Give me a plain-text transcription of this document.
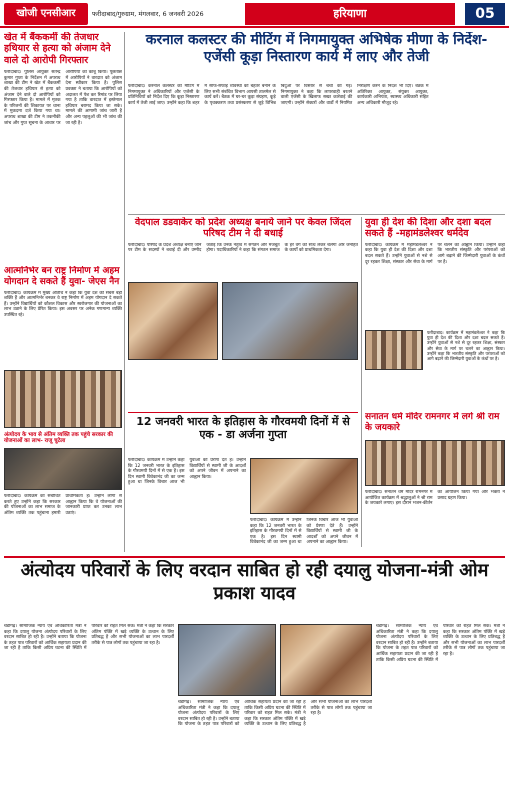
खोजी एनसीआर	फरीदाबाद/गुरुग्राम, मंगलवार, 6 जनवरी 2026	हरियाणा	05
खेत में बैंककर्मी की तेजधार हथियार से हत्या को अंजाम देने वाले दो आरोपी गिरफ्तार
फरीदाबाद। पुलिस आयुक्त सतेन्द्र कुमार गुप्ता के निर्देशन में अपराध शाखा की टीम ने खेत में बैंककर्मी की तेजधार हथियार से हत्या को अंजाम देने वाले दो आरोपियों को गिरफ्तार किया है। मामले में मृतक के परिजनों की शिकायत पर थाना में मुकदमा दर्ज किया गया था। अपराध शाखा की टीम ने तकनीकी जांच और गुप्त सूचना के आधार पर आरोपियों को काबू किया। पूछताछ में आरोपियों ने वारदात को अंजाम देना स्वीकार किया है। पुलिस प्रवक्ता ने बताया कि आरोपियों को अदालत में पेश कर रिमांड पर लिया गया है ताकि वारदात में इस्तेमाल हथियार बरामद किया जा सके। मामले की आगामी जांच जारी है और अन्य पहलुओं की भी जांच की जा रही है।
आत्मनिर्भर बन राष्ट्र निर्माण में अहम योगदान दे सकते हैं युवा- जेएस नैन
फरीदाबाद। कार्यक्रम में मुख्य अतिथि ने कहा कि युवा देश की सबसे बड़ी शक्ति हैं और आत्मनिर्भर बनकर वे राष्ट्र निर्माण में अहम योगदान दे सकते हैं। उन्होंने विद्यार्थियों को कौशल विकास और स्वरोजगार की योजनाओं का लाभ उठाने के लिए प्रेरित किया। इस अवसर पर अनेक गणमान्य व्यक्ति उपस्थित रहे।
अंत्योदय के भाव से अंतिम व्यक्ति तक पहुंचे सरकार की योजनाओं का लाभ- राजू चुटेला
फरीदाबाद। कार्यक्रम को संबोधित करते हुए उन्होंने कहा कि सरकार की योजनाओं का लाभ समाज के अंतिम व्यक्ति तक पहुंचाना हमारी प्राथमिकता है। उन्होंने लोगों से आह्वान किया कि वे योजनाओं की जानकारी प्राप्त कर उनका लाभ उठाएं।
करनाल कलस्टर की मीटिंग में निगमायुक्त अभिषेक मीणा के निर्देश- एजेंसी कूड़ा निस्तारण कार्य में लाए और तेजी
फरीदाबाद। करनाल कलस्टर की मीटिंग में निगमायुक्त ने अधिकारियों और एजेंसी के प्रतिनिधियों को निर्देश दिए कि कूड़ा निस्तारण कार्य में तेजी लाई जाए। उन्होंने कहा कि शहर में साफ-सफाई व्यवस्था को बेहतर बनाने के लिए सभी संबंधित विभाग आपसी तालमेल से कार्य करें। बैठक में घर-घर कूड़ा संग्रहण, कूड़े के पृथक्करण तथा प्रसंस्करण से जुड़े विभिन्न बिंदुओं पर विस्तार से चर्चा की गई। निगमायुक्त ने कहा कि लापरवाही बरतने वाली एजेंसी के खिलाफ सख्त कार्रवाई की जाएगी। उन्होंने सेक्टरों और वार्डों में नियमित निरीक्षण करने के निर्देश भी दिए। बैठक में अतिरिक्त आयुक्त, संयुक्त आयुक्त, कार्यकारी अभियंता, स्वास्थ्य अधिकारी सहित अन्य अधिकारी मौजूद रहे।
वेदपाल डडवाकेर को प्रदेश अध्यक्ष बनाये जाने पर केवल जिंदल परिषद टीम ने दी बधाई
फरीदाबाद। परिषद के प्रदेश अध्यक्ष बनाए जाने पर टीम के सदस्यों ने बधाई दी और उम्मीद जताई कि उनके नेतृत्व में संगठन और मजबूत होगा। पदाधिकारियों ने कहा कि संगठन समाज के हर वर्ग को साथ लेकर चलेगा और जनहित के कार्यों को प्राथमिकता देगा।
युवा ही देश की दिशा और दशा बदल सकते हैं -महामंडलेश्वर धर्मदेव
फरीदाबाद। कार्यक्रम में महामंडलेश्वर ने कहा कि युवा ही देश की दिशा और दशा बदल सकते हैं। उन्होंने युवाओं से नशे से दूर रहकर शिक्षा, संस्कार और सेवा के मार्ग पर चलने का आह्वान किया। उन्होंने कहा कि भारतीय संस्कृति और परंपराओं को आगे बढ़ाने की जिम्मेदारी युवाओं के कंधों पर है।
फरीदाबाद। कार्यक्रम में महामंडलेश्वर ने कहा कि युवा ही देश की दिशा और दशा बदल सकते हैं। उन्होंने युवाओं से नशे से दूर रहकर शिक्षा, संस्कार और सेवा के मार्ग पर चलने का आह्वान किया। उन्होंने कहा कि भारतीय संस्कृति और परंपराओं को आगे बढ़ाने की जिम्मेदारी युवाओं के कंधों पर है।
12 जनवरी भारत के इतिहास के गौरवमयी दिनों में से एक - डा अर्जना गुप्ता
फरीदाबाद। कार्यक्रम में उन्होंने कहा कि 12 जनवरी भारत के इतिहास के गौरवमयी दिनों में से एक है। इस दिन स्वामी विवेकानंद जी का जन्म हुआ था जिनके विचार आज भी युवाओं को प्रेरणा देते हैं। उन्होंने विद्यार्थियों से स्वामी जी के आदर्शों को अपने जीवन में अपनाने का आह्वान किया।
फरीदाबाद। कार्यक्रम में उन्होंने कहा कि 12 जनवरी भारत के इतिहास के गौरवमयी दिनों में से एक है। इस दिन स्वामी विवेकानंद जी का जन्म हुआ था जिनके विचार आज भी युवाओं को प्रेरणा देते हैं। उन्होंने विद्यार्थियों से स्वामी जी के आदर्शों को अपने जीवन में अपनाने का आह्वान किया।
सनातन धर्म मंदिर रामनगर में लगे श्री राम के जयकारे
फरीदाबाद। सनातन धर्म मंदिर रामनगर में आयोजित कार्यक्रम में श्रद्धालुओं ने श्री राम के जयकारे लगाए। इस दौरान भजन-कीर्तन का आयोजन किया गया और भक्तों ने प्रसाद ग्रहण किया।
अंत्योदय परिवारों के लिए वरदान साबित हो रही दयालु योजना-मंत्री ओम प्रकाश यादव
चंडीगढ़। सामाजिक न्याय एवं अधिकारिता मंत्री ने कहा कि दयालु योजना अंत्योदय परिवारों के लिए वरदान साबित हो रही है। उन्होंने बताया कि योजना के तहत पात्र परिवारों को आर्थिक सहायता प्रदान की जा रही है ताकि किसी अप्रिय घटना की स्थिति में परिवार को राहत मिल सके। मंत्री ने कहा कि सरकार अंतिम पंक्ति में खड़े व्यक्ति के उत्थान के लिए प्रतिबद्ध है और सभी योजनाओं का लाभ पारदर्शी तरीके से पात्र लोगों तक पहुंचाया जा रहा है।
चंडीगढ़। सामाजिक न्याय एवं अधिकारिता मंत्री ने कहा कि दयालु योजना अंत्योदय परिवारों के लिए वरदान साबित हो रही है। उन्होंने बताया कि योजना के तहत पात्र परिवारों को आर्थिक सहायता प्रदान की जा रही है ताकि किसी अप्रिय घटना की स्थिति में परिवार को राहत मिल सके। मंत्री ने कहा कि सरकार अंतिम पंक्ति में खड़े व्यक्ति के उत्थान के लिए प्रतिबद्ध है और सभी योजनाओं का लाभ पारदर्शी तरीके से पात्र लोगों तक पहुंचाया जा रहा है।
चंडीगढ़। सामाजिक न्याय एवं अधिकारिता मंत्री ने कहा कि दयालु योजना अंत्योदय परिवारों के लिए वरदान साबित हो रही है। उन्होंने बताया कि योजना के तहत पात्र परिवारों को आर्थिक सहायता प्रदान की जा रही है ताकि किसी अप्रिय घटना की स्थिति में परिवार को राहत मिल सके। मंत्री ने कहा कि सरकार अंतिम पंक्ति में खड़े व्यक्ति के उत्थान के लिए प्रतिबद्ध है और सभी योजनाओं का लाभ पारदर्शी तरीके से पात्र लोगों तक पहुंचाया जा रहा है।
